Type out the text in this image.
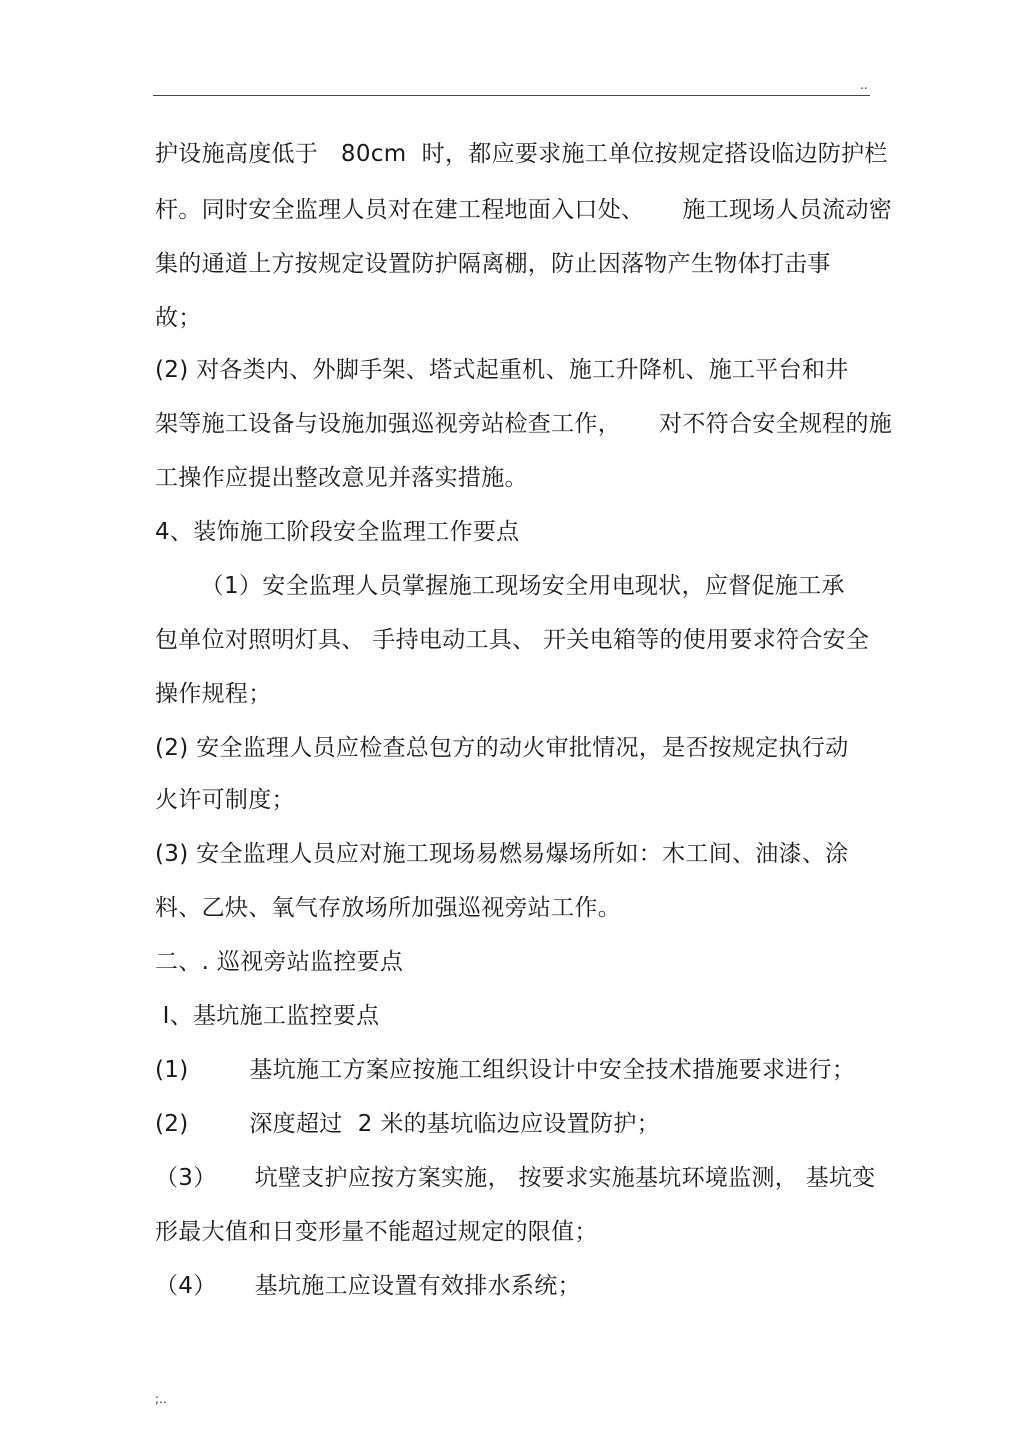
..
护设施高度低于   80cm  时，都应要求施工单位按规定搭设临边防护栏
杆。同时安全监理人员对在建工程地面入口处、     施工现场人员流动密
集的通道上方按规定设置防护隔离棚，防止因落物产生物体打击事
故；
(2) 对各类内、外脚手架、塔式起重机、施工升降机、施工平台和井
架等施工设备与设施加强巡视旁站检查工作，     对不符合安全规程的施
工操作应提出整改意见并落实措施。
4、装饰施工阶段安全监理工作要点
（1）安全监理人员掌握施工现场安全用电现状，应督促施工承
包单位对照明灯具、 手持电动工具、 开关电箱等的使用要求符合安全
操作规程；
(2) 安全监理人员应检查总包方的动火审批情况，是否按规定执行动
火许可制度；
(3) 安全监理人员应对施工现场易燃易爆场所如：木工间、油漆、涂
料、乙炔、氧气存放场所加强巡视旁站工作。
二、. 巡视旁站监控要点
I、基坑施工监控要点
(1)        基坑施工方案应按施工组织设计中安全技术措施要求进行；
(2)        深度超过  2 米的基坑临边应设置防护；
（3）     坑壁支护应按方案实施， 按要求实施基坑环境监测， 基坑变
形最大值和日变形量不能超过规定的限值；
（4）     基坑施工应设置有效排水系统；
;..
